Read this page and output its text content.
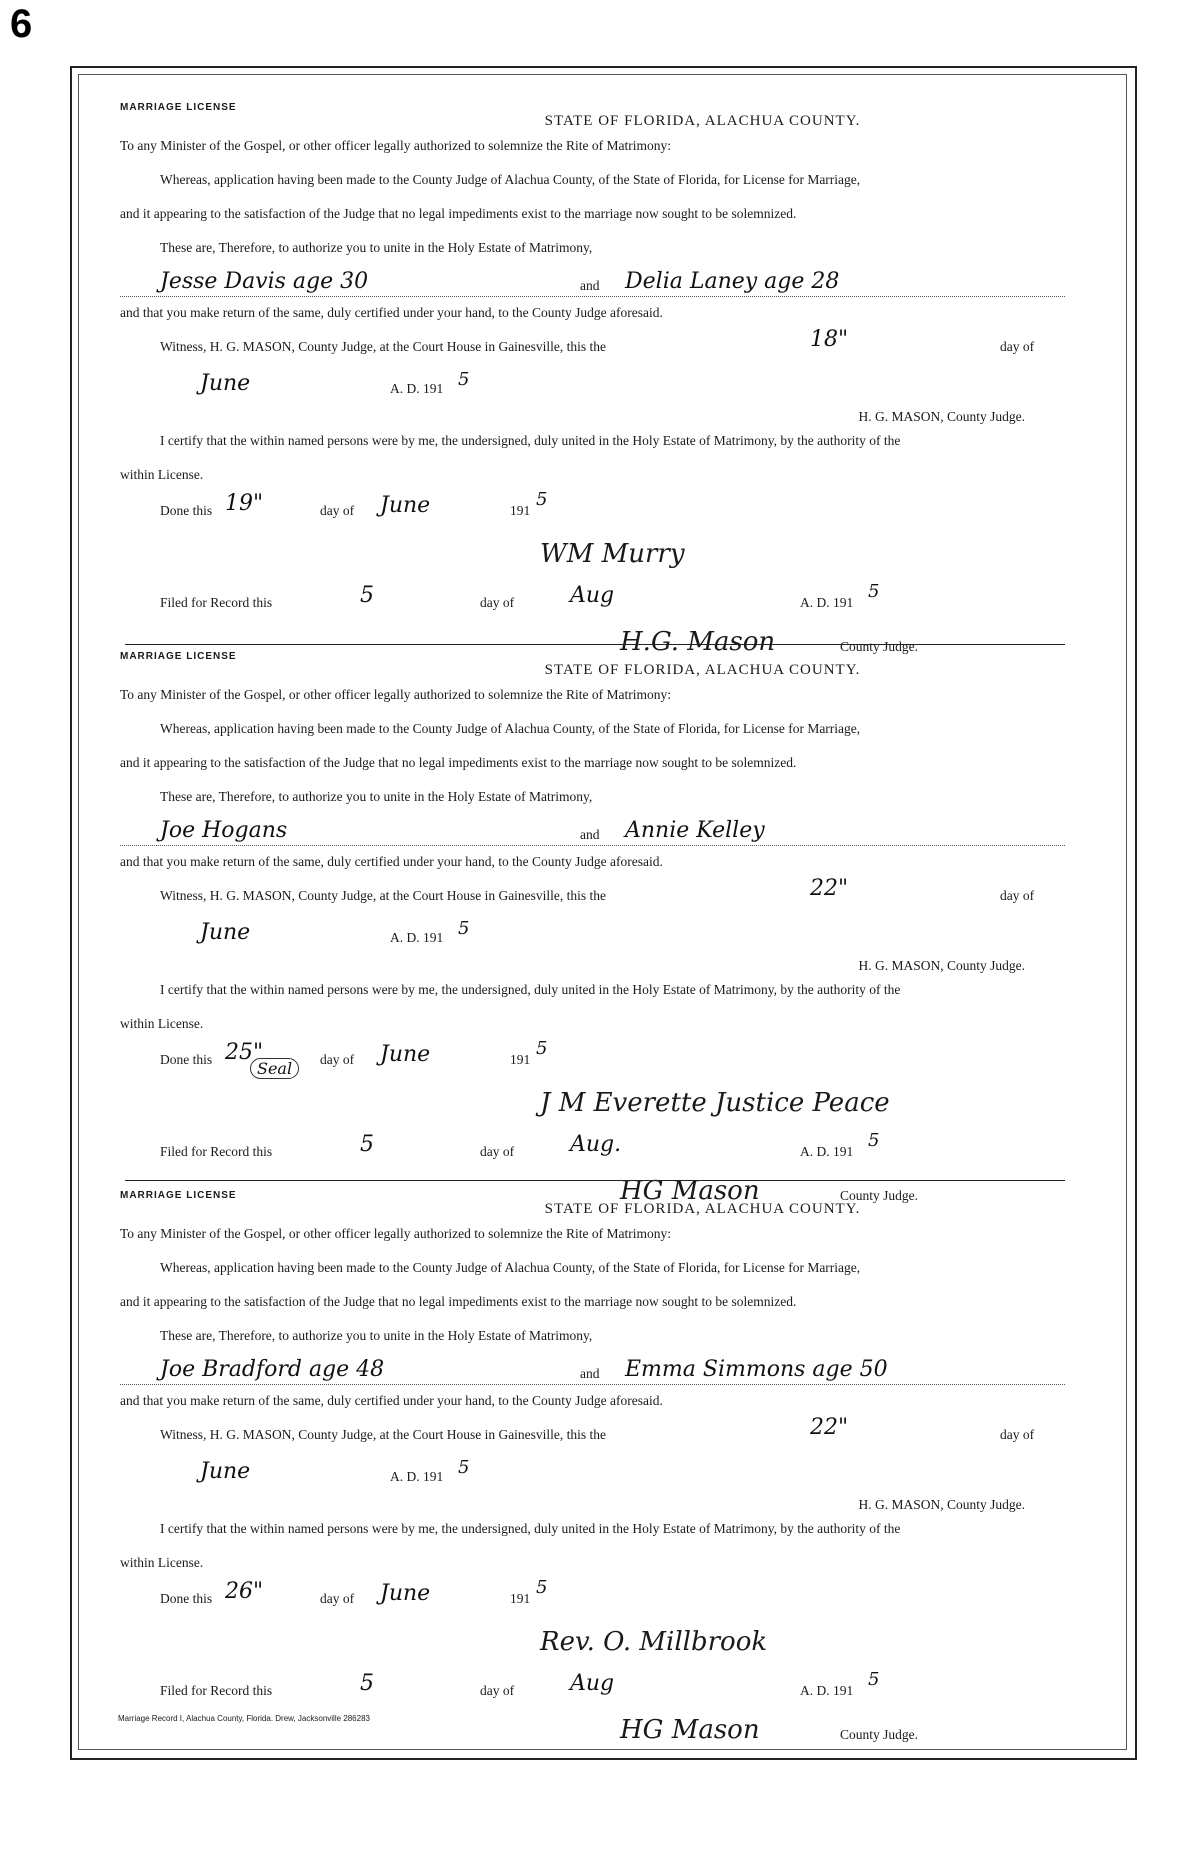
6
MARRIAGE LICENSE
STATE OF FLORIDA, ALACHUA COUNTY.
To any Minister of the Gospel, or other officer legally authorized to solemnize the Rite of Matrimony:
Whereas, application having been made to the County Judge of Alachua County, of the State of Florida, for License for Marriage,
and it appearing to the satisfaction of the Judge that no legal impediments exist to the marriage now sought to be solemnized.
These are, Therefore, to authorize you to unite in the Holy Estate of Matrimony,
Jesse Davis age 30	and Delia Laney age 28
and that you make return of the same, duly certified under your hand, to the County Judge aforesaid.
Witness, H. G. MASON, County Judge, at the Court House in Gainesville, this the	18"	day of
June	A. D. 191 5
H. G. MASON, County Judge.
I certify that the within named persons were by me, the undersigned, duly united in the Holy Estate of Matrimony, by the authority of the
within License.
Done this 19"	day of June	191
5
WM Murry
Filed for Record this	5	day of	Aug	A. D. 191
5
H.G. Mason	County Judge.
MARRIAGE LICENSE
STATE OF FLORIDA, ALACHUA COUNTY.
To any Minister of the Gospel, or other officer legally authorized to solemnize the Rite of Matrimony:
Whereas, application having been made to the County Judge of Alachua County, of the State of Florida, for License for Marriage,
and it appearing to the satisfaction of the Judge that no legal impediments exist to the marriage now sought to be solemnized.
These are, Therefore, to authorize you to unite in the Holy Estate of Matrimony,
Joe Hogans	and Annie Kelley
and that you make return of the same, duly certified under your hand, to the County Judge aforesaid.
Witness, H. G. MASON, County Judge, at the Court House in Gainesville, this the	22"	day of
June	A. D. 191 5
H. G. MASON, County Judge.
I certify that the within named persons were by me, the undersigned, duly united in the Holy Estate of Matrimony, by the authority of the
within License.
Done this 25"	day of June	191
5
J M Everette Justice Peace
Seal
Filed for Record this	5	day of	Aug.	A. D. 191
5
HG Mason	County Judge.
MARRIAGE LICENSE
STATE OF FLORIDA, ALACHUA COUNTY.
To any Minister of the Gospel, or other officer legally authorized to solemnize the Rite of Matrimony:
Whereas, application having been made to the County Judge of Alachua County, of the State of Florida, for License for Marriage,
and it appearing to the satisfaction of the Judge that no legal impediments exist to the marriage now sought to be solemnized.
These are, Therefore, to authorize you to unite in the Holy Estate of Matrimony,
Joe Bradford age 48	and Emma Simmons age 50
and that you make return of the same, duly certified under your hand, to the County Judge aforesaid.
Witness, H. G. MASON, County Judge, at the Court House in Gainesville, this the	22"	day of
June	A. D. 191 5
H. G. MASON, County Judge.
I certify that the within named persons were by me, the undersigned, duly united in the Holy Estate of Matrimony, by the authority of the
within License.
Done this 26"	day of June	191
5
Rev. O. Millbrook
Filed for Record this	5	day of	Aug	A. D. 191
5
HG Mason	County Judge.
Marriage Record I, Alachua County, Florida. Drew, Jacksonville 286283
